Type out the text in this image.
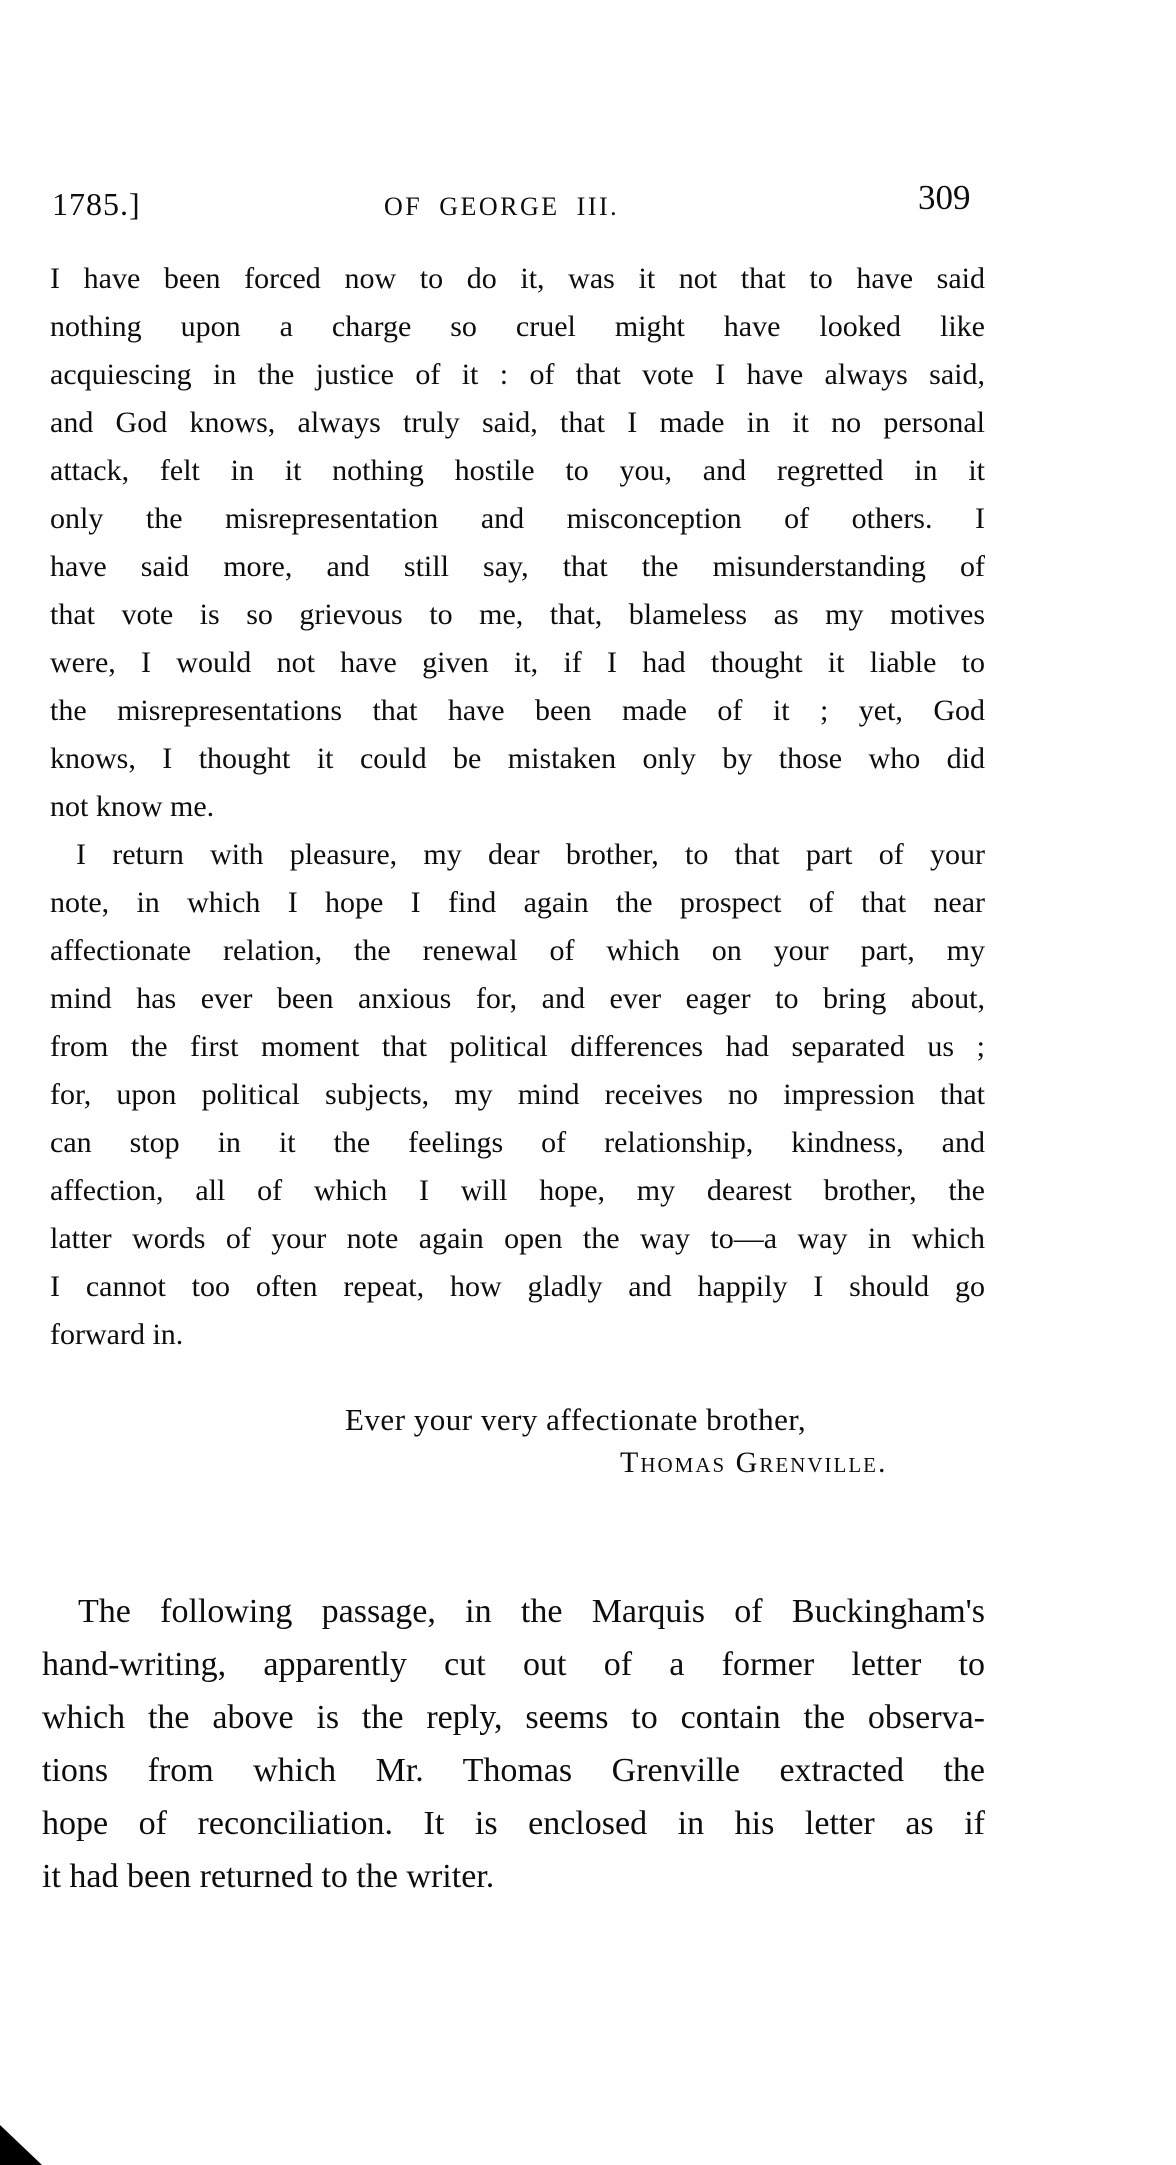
1785.]	OF GEORGE III.	309
I have been forced now to do it, was it not that to have said
nothing upon a charge so cruel might have looked like
acquiescing in the justice of it : of that vote I have always said,
and God knows, always truly said, that I made in it no personal
attack, felt in it nothing hostile to you, and regretted in it
only the misrepresentation and misconception of others. I
have said more, and still say, that the misunderstanding of
that vote is so grievous to me, that, blameless as my motives
were, I would not have given it, if I had thought it liable to
the misrepresentations that have been made of it ; yet, God
knows, I thought it could be mistaken only by those who did
not know me.
I return with pleasure, my dear brother, to that part of your
note, in which I hope I find again the prospect of that near
affectionate relation, the renewal of which on your part, my
mind has ever been anxious for, and ever eager to bring about,
from the first moment that political differences had separated us ;
for, upon political subjects, my mind receives no impression that
can stop in it the feelings of relationship, kindness, and
affection, all of which I will hope, my dearest brother, the
latter words of your note again open the way to—a way in which
I cannot too often repeat, how gladly and happily I should go
forward in.
Ever your very affectionate brother,
Thomas Grenville.
The following passage, in the Marquis of Buckingham's
hand-writing, apparently cut out of a former letter to
which the above is the reply, seems to contain the observa-
tions from which Mr. Thomas Grenville extracted the
hope of reconciliation. It is enclosed in his letter as if
it had been returned to the writer.
